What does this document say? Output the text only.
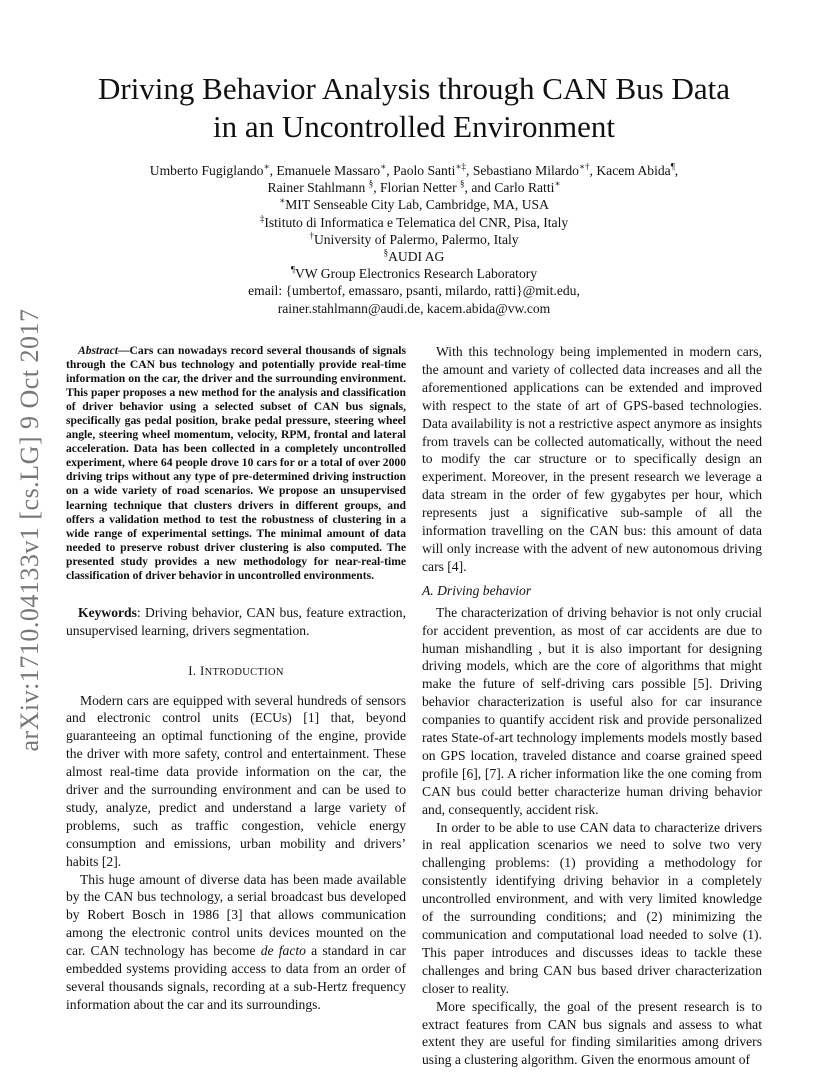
arXiv:1710.04133v1 [cs.LG] 9 Oct 2017
Driving Behavior Analysis through CAN Bus Data
in an Uncontrolled Environment
Umberto Fugiglando∗, Emanuele Massaro∗, Paolo Santi∗‡, Sebastiano Milardo∗†, Kacem Abida¶,
Rainer Stahlmann §, Florian Netter §, and Carlo Ratti∗
∗MIT Senseable City Lab, Cambridge, MA, USA
‡Istituto di Informatica e Telematica del CNR, Pisa, Italy
†University of Palermo, Palermo, Italy
§AUDI AG
¶VW Group Electronics Research Laboratory
email: {umbertof, emassaro, psanti, milardo, ratti}@mit.edu,
rainer.stahlmann@audi.de, kacem.abida@vw.com

Abstract—Cars can nowadays record several thousands of signals through the CAN bus technology and potentially provide real-time information on the car, the driver and the surrounding environment. This paper proposes a new method for the analysis and classification of driver behavior using a selected subset of CAN bus signals, specifically gas pedal position, brake pedal pressure, steering wheel angle, steering wheel momentum, velocity, RPM, frontal and lateral acceleration. Data has been collected in a completely uncontrolled experiment, where 64 people drove 10 cars for or a total of over 2000 driving trips without any type of pre-determined driving instruction on a wide variety of road scenarios. We propose an unsupervised learning technique that clusters drivers in different groups, and offers a validation method to test the robustness of clustering in a wide range of experimental settings. The minimal amount of data needed to preserve robust driver clustering is also computed. The presented study provides a new methodology for near-real-time classification of driver behavior in uncontrolled environments.

Keywords: Driving behavior, CAN bus, feature extraction, unsupervised learning, drivers segmentation.

I. INTRODUCTION

Modern cars are equipped with several hundreds of sensors and electronic control units (ECUs) [1] that, beyond guaranteeing an optimal functioning of the engine, provide the driver with more safety, control and entertainment. These almost real-time data provide information on the car, the driver and the surrounding environment and can be used to study, analyze, predict and understand a large variety of problems, such as traffic congestion, vehicle energy consumption and emissions, urban mobility and drivers’ habits [2].

This huge amount of diverse data has been made available by the CAN bus technology, a serial broadcast bus developed by Robert Bosch in 1986 [3] that allows communication among the electronic control units devices mounted on the car. CAN technology has become de facto a standard in car embedded systems providing access to data from an order of several thousands signals, recording at a sub-Hertz frequency information about the car and its surroundings.

With this technology being implemented in modern cars, the amount and variety of collected data increases and all the aforementioned applications can be extended and improved with respect to the state of art of GPS-based technologies. Data availability is not a restrictive aspect anymore as insights from travels can be collected automatically, without the need to modify the car structure or to specifically design an experiment. Moreover, in the present research we leverage a data stream in the order of few gygabytes per hour, which represents just a significative sub-sample of all the information travelling on the CAN bus: this amount of data will only increase with the advent of new autonomous driving cars [4].

A. Driving behavior

The characterization of driving behavior is not only crucial for accident prevention, as most of car accidents are due to human mishandling , but it is also important for designing driving models, which are the core of algorithms that might make the future of self-driving cars possible [5]. Driving behavior characterization is useful also for car insurance companies to quantify accident risk and provide personalized rates State-of-art technology implements models mostly based on GPS location, traveled distance and coarse grained speed profile [6], [7]. A richer information like the one coming from CAN bus could better characterize human driving behavior and, consequently, accident risk.

In order to be able to use CAN data to characterize drivers in real application scenarios we need to solve two very challenging problems: (1) providing a methodology for consistently identifying driving behavior in a completely uncontrolled environment, and with very limited knowledge of the surrounding conditions; and (2) minimizing the communication and computational load needed to solve (1). This paper introduces and discusses ideas to tackle these challenges and bring CAN bus based driver characterization closer to reality.

More specifically, the goal of the present research is to extract features from CAN bus signals and assess to what extent they are useful for finding similarities among drivers using a clustering algorithm. Given the enormous amount of
